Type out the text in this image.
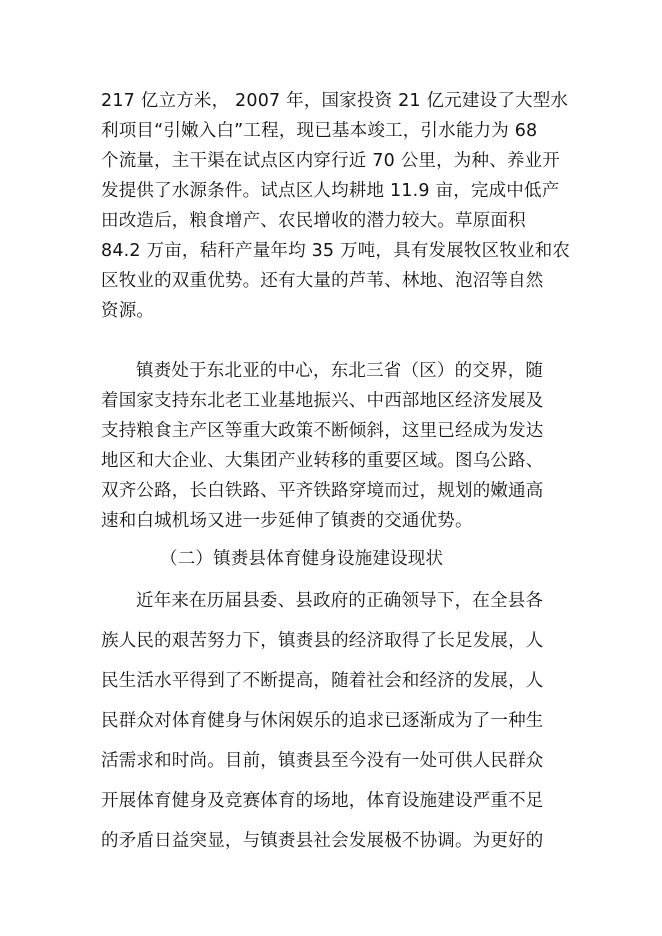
217 亿立方米， 2007 年，国家投资 21 亿元建设了大型水
利项目“引嫩入白”工程，现已基本竣工，引水能力为 68
个流量，主干渠在试点区内穿行近 70 公里，为种、养业开
发提供了水源条件。试点区人均耕地 11.9 亩，完成中低产
田改造后，粮食增产、农民增收的潜力较大。草原面积
84.2 万亩，秸秆产量年均 35 万吨，具有发展牧区牧业和农
区牧业的双重优势。还有大量的芦苇、林地、泡沼等自然
资源。
镇赉处于东北亚的中心，东北三省（区）的交界，随
着国家支持东北老工业基地振兴、中西部地区经济发展及
支持粮食主产区等重大政策不断倾斜，这里已经成为发达
地区和大企业、大集团产业转移的重要区域。图乌公路、
双齐公路，长白铁路、平齐铁路穿境而过，规划的嫩通高
速和白城机场又进一步延伸了镇赉的交通优势。
（二）镇赉县体育健身设施建设现状
近年来在历届县委、县政府的正确领导下，在全县各
族人民的艰苦努力下，镇赉县的经济取得了长足发展，人
民生活水平得到了不断提高，随着社会和经济的发展，人
民群众对体育健身与休闲娱乐的追求已逐渐成为了一种生
活需求和时尚。目前，镇赉县至今没有一处可供人民群众
开展体育健身及竞赛体育的场地，体育设施建设严重不足
的矛盾日益突显，与镇赉县社会发展极不协调。为更好的
